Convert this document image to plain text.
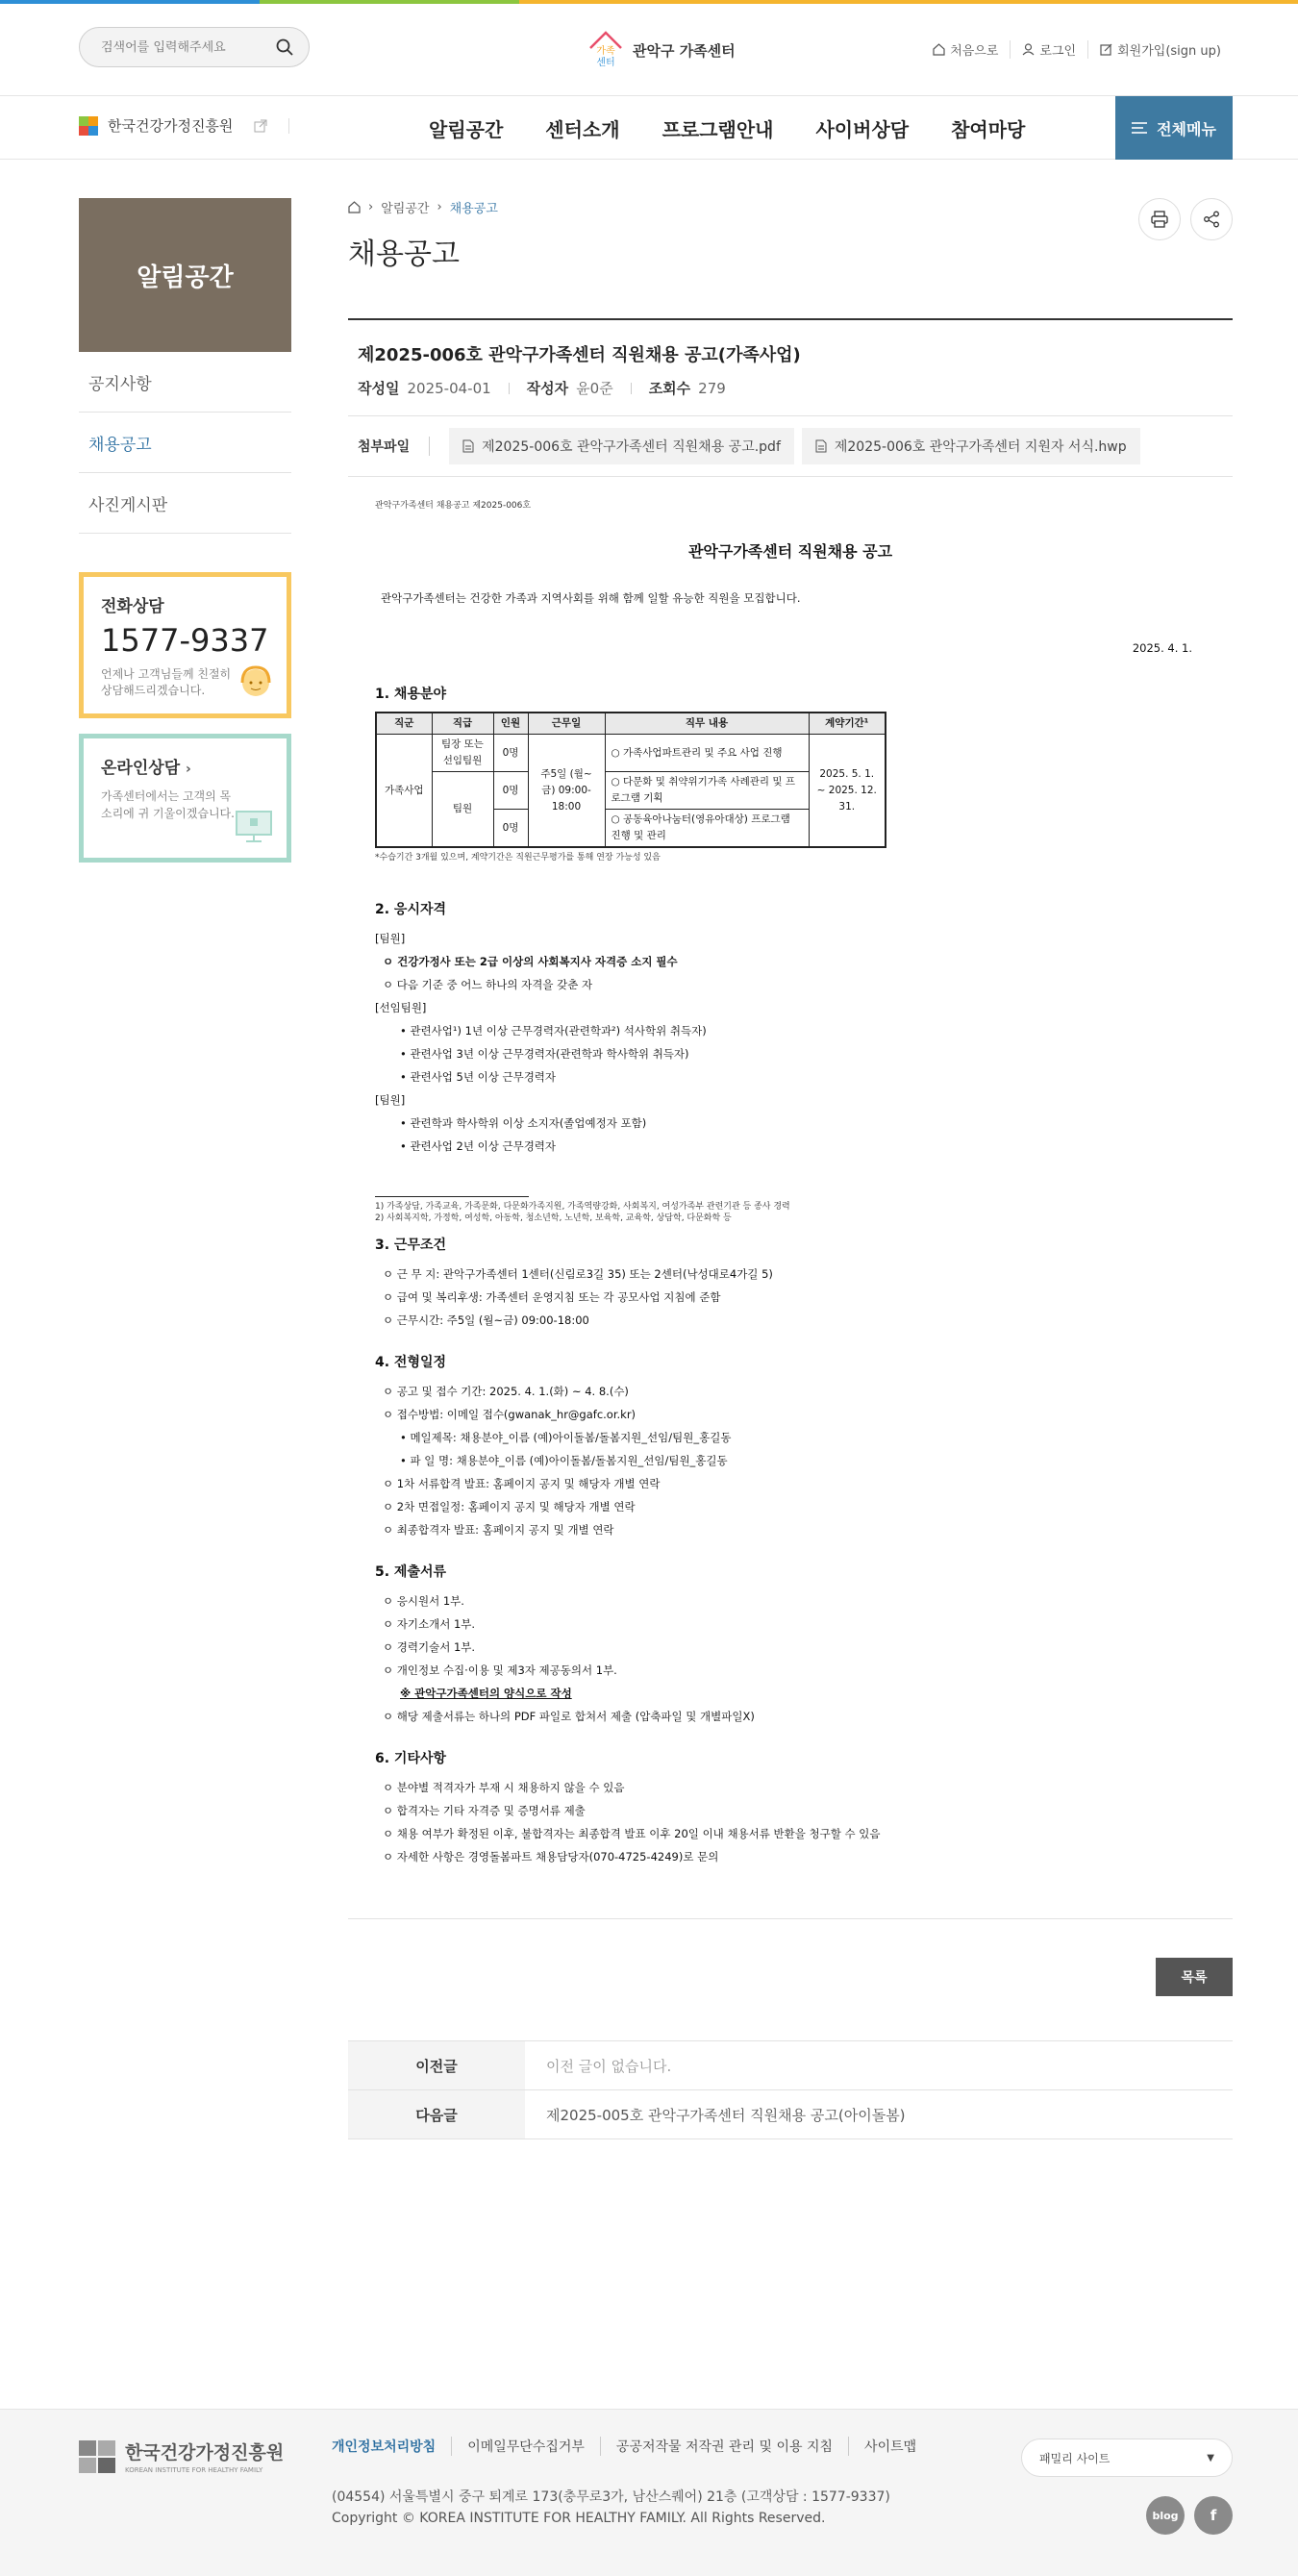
검색어를 입력해주세요
가족
센터
관악구 가족센터	처음으로	로그인	회원가입(sign up)
한국건강가정진흥원	알림공간 센터소개 프로그램안내 사이버상담 참여마당	전체메뉴
알림공간
공지사항
채용공고
사진게시판
전화상담
1577-9337
언제나 고객님들께 친절히 상담해드리겠습니다.
온라인상담 ›
가족센터에서는 고객의 목소리에 귀 기울이겠습니다.
› 알림공간 › 채용공고
채용공고
제2025-006호 관악구가족센터 직원채용 공고(가족사업)
작성일 2025-04-01 작성자 윤0준 조회수 279
첨부파일	제2025-006호 관악구가족센터 직원채용 공고.pdf	제2025-006호 관악구가족센터 지원자 서식.hwp
관악구가족센터 채용공고 제2025-006호
관악구가족센터 직원채용 공고
관악구가족센터는 건강한 가족과 지역사회를 위해 함께 일할 유능한 직원을 모집합니다.
2025. 4. 1.
1. 채용분야
직군	직급	인원	근무일	직무 내용	계약기간¹
가족사업	팀장 또는 선임팀원	0명	주5일 (월~금) 09:00-18:00	○ 가족사업파트관리 및 주요 사업 진행	2025. 5. 1. ~ 2025. 12. 31.
	팀원	0명		○ 다문화 및 취약위기가족 사례관리 및 프로그램 기획	
		0명		○ 공동육아나눔터(영유아대상) 프로그램 진행 및 관리	
*수습기간 3개월 있으며, 계약기간은 직원근무평가를 통해 연장 가능성 있음
2. 응시자격
[팀원]
ㅇ 건강가정사 또는 2급 이상의 사회복지사 자격증 소지 필수
ㅇ 다음 기준 중 어느 하나의 자격을 갖춘 자
[선임팀원]
• 관련사업¹) 1년 이상 근무경력자(관련학과²) 석사학위 취득자)
• 관련사업 3년 이상 근무경력자(관련학과 학사학위 취득자)
• 관련사업 5년 이상 근무경력자
[팀원]
• 관련학과 학사학위 이상 소지자(졸업예정자 포함)
• 관련사업 2년 이상 근무경력자
1) 가족상담, 가족교육, 가족문화, 다문화가족지원, 가족역량강화, 사회복지, 여성가족부 관련기관 등 종사 경력
2) 사회복지학, 가정학, 여성학, 아동학, 청소년학, 노년학, 보육학, 교육학, 상담학, 다문화학 등
3. 근무조건
ㅇ 근 무 지: 관악구가족센터 1센터(신림로3길 35) 또는 2센터(낙성대로4가길 5)
ㅇ 급여 및 복리후생: 가족센터 운영지침 또는 각 공모사업 지침에 준함
ㅇ 근무시간: 주5일 (월~금) 09:00-18:00
4. 전형일정
ㅇ 공고 및 접수 기간: 2025. 4. 1.(화) ~ 4. 8.(수)
ㅇ 접수방법: 이메일 접수(gwanak_hr@gafc.or.kr)
• 메일제목: 채용분야_이름 (예)아이돌봄/돌봄지원_선임/팀원_홍길동
• 파 일 명: 채용분야_이름 (예)아이돌봄/돌봄지원_선임/팀원_홍길동
ㅇ 1차 서류합격 발표: 홈페이지 공지 및 해당자 개별 연락
ㅇ 2차 면접일정: 홈페이지 공지 및 해당자 개별 연락
ㅇ 최종합격자 발표: 홈페이지 공지 및 개별 연락
5. 제출서류
ㅇ 응시원서 1부.
ㅇ 자기소개서 1부.
ㅇ 경력기술서 1부.
ㅇ 개인정보 수집·이용 및 제3자 제공동의서 1부.
※ 관악구가족센터의 양식으로 작성
ㅇ 해당 제출서류는 하나의 PDF 파일로 합쳐서 제출 (압축파일 및 개별파일X)
6. 기타사항
ㅇ 분야별 적격자가 부재 시 채용하지 않을 수 있음
ㅇ 합격자는 기타 자격증 및 증명서류 제출
ㅇ 채용 여부가 확정된 이후, 불합격자는 최종합격 발표 이후 20일 이내 채용서류 반환을 청구할 수 있음
ㅇ 자세한 사항은 경영돌봄파트 채용담당자(070-4725-4249)로 문의
목록
이전글	이전 글이 없습니다.
다음글	제2025-005호 관악구가족센터 직원채용 공고(아이돌봄)
한국건강가정진흥원
KOREAN INSTITUTE FOR HEALTHY FAMILY
개인정보처리방침	이메일무단수집거부	공공저작물 저작권 관리 및 이용 지침	사이트맵
(04554) 서울특별시 중구 퇴계로 173(충무로3가, 남산스퀘어) 21층 (고객상담 : 1577-9337)
Copyright © KOREA INSTITUTE FOR HEALTHY FAMILY. All Rights Reserved.
패밀리 사이트	▼
blog	f
